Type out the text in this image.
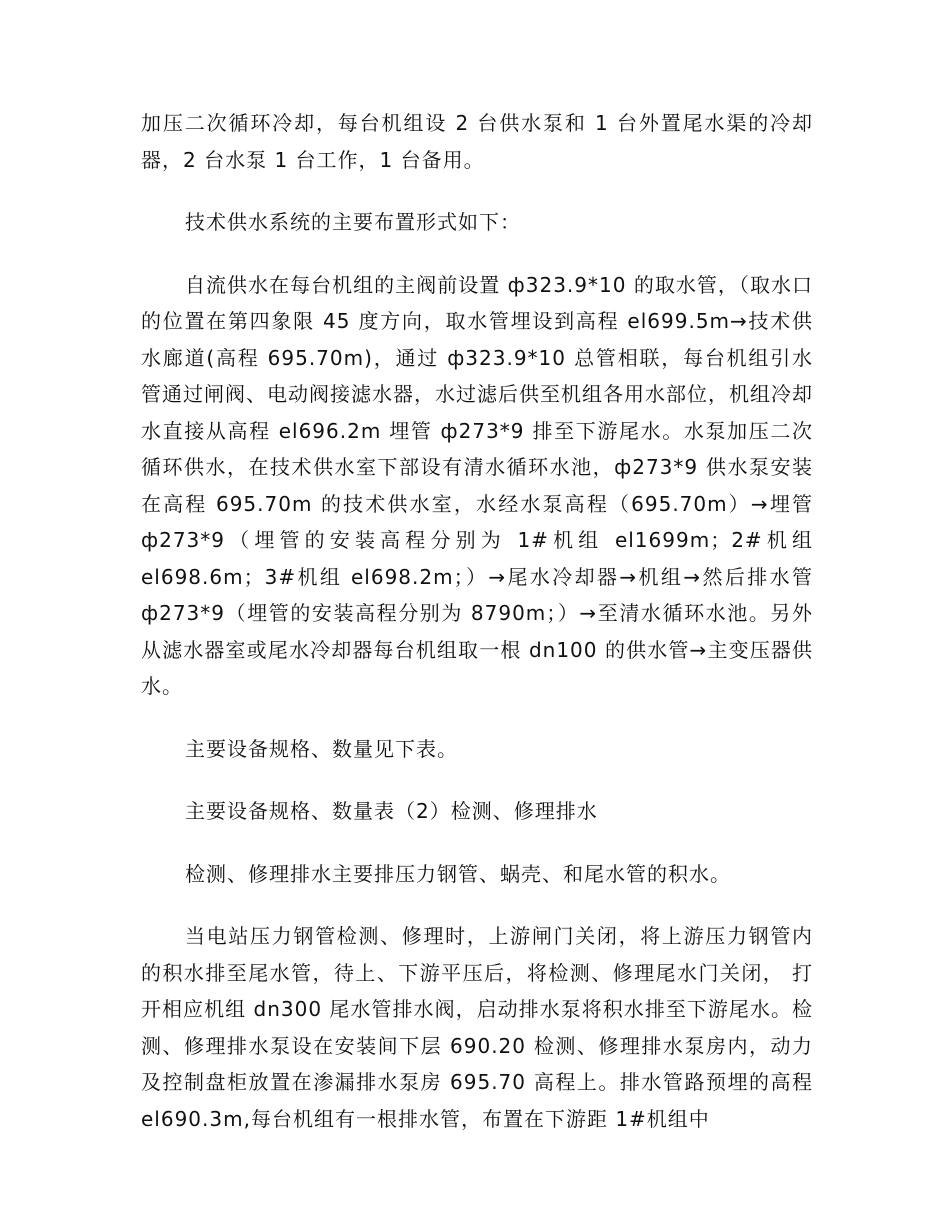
加压二次循环冷却，每台机组设 2 台供水泵和 1 台外置尾水渠的冷却器，2 台水泵 1 台工作，1 台备用。

技术供水系统的主要布置形式如下：

自流供水在每台机组的主阀前设置 ф323.9*10 的取水管，（取水口的位置在第四象限 45 度方向，取水管埋设到高程 el699.5m→技术供水廊道(高程 695.70m)，通过 ф323.9*10 总管相联，每台机组引水管通过闸阀、电动阀接滤水器，水过滤后供至机组各用水部位，机组冷却水直接从高程 el696.2m 埋管 ф273*9 排至下游尾水。水泵加压二次循环供水，在技术供水室下部设有清水循环水池，ф273*9 供水泵安装在高程 695.70m 的技术供水室，水经水泵高程（695.70m）→埋管 ф273*9（埋管的安装高程分别为 1#机组 el1699m；2#机组 el698.6m；3#机组 el698.2m；）→尾水冷却器→机组→然后排水管 ф273*9（埋管的安装高程分别为 8790m；）→至清水循环水池。另外从滤水器室或尾水冷却器每台机组取一根 dn100 的供水管→主变压器供水。

主要设备规格、数量见下表。

主要设备规格、数量表（2）检测、修理排水

检测、修理排水主要排压力钢管、蜗壳、和尾水管的积水。

当电站压力钢管检测、修理时，上游闸门关闭，将上游压力钢管内的积水排至尾水管，待上、下游平压后，将检测、修理尾水门关闭， 打开相应机组 dn300 尾水管排水阀，启动排水泵将积水排至下游尾水。检测、修理排水泵设在安装间下层 690.20 检测、修理排水泵房内，动力及控制盘柜放置在渗漏排水泵房 695.70 高程上。排水管路预埋的高程 el690.3m,每台机组有一根排水管，布置在下游距 1#机组中
